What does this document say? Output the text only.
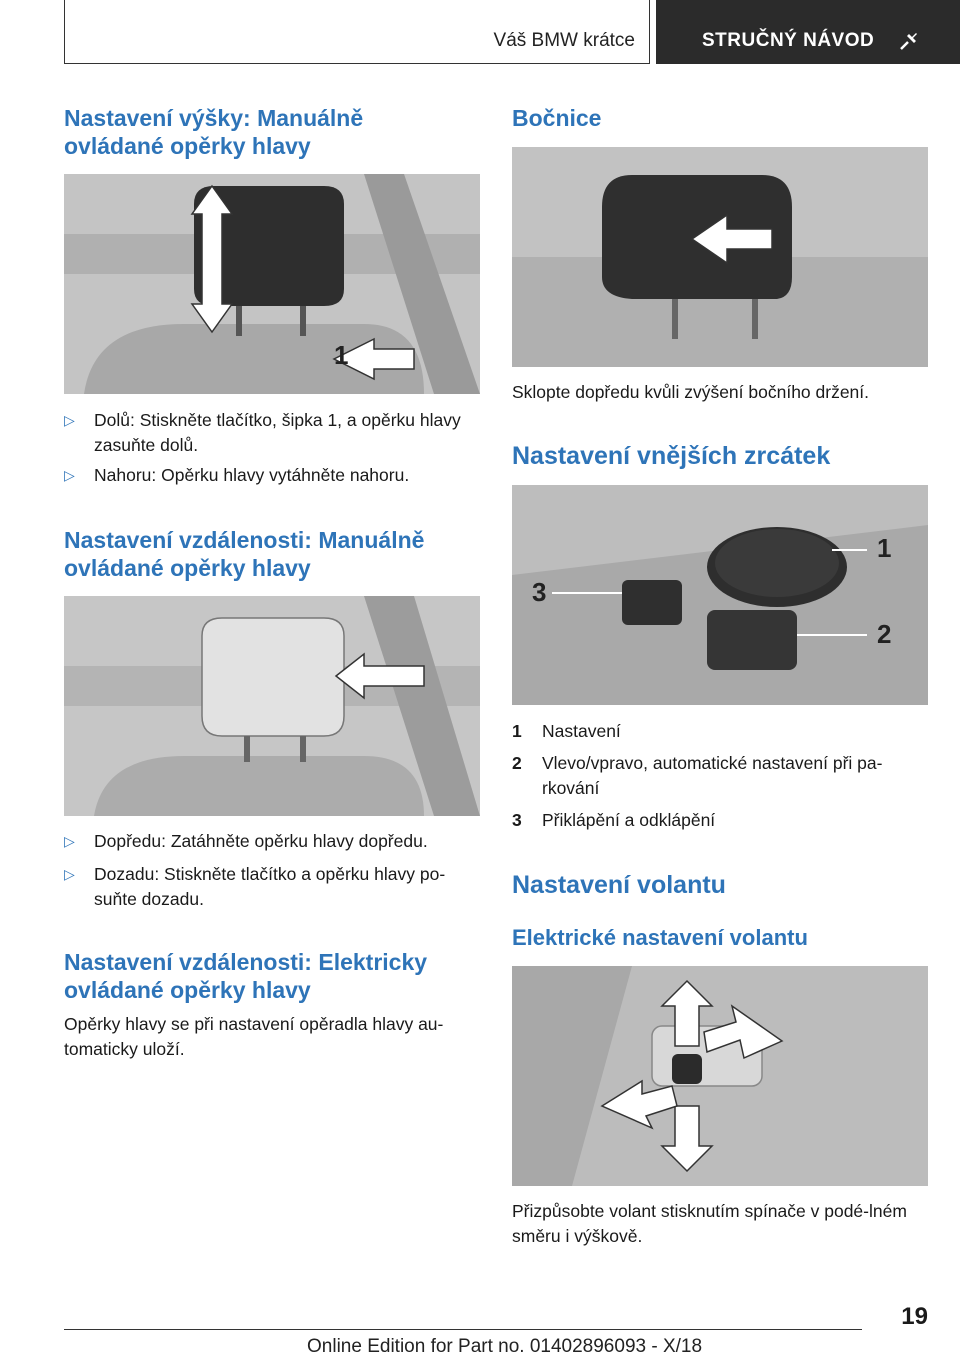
Váš BMW krátce	STRUČNÝ NÁVOD
Nastavení výšky: Manuálně
ovládané opěrky hlavy
1
▷ Dolů: Stiskněte tlačítko, šipka 1, a opěrku hlavy zasuňte dolů.
▷ Nahoru: Opěrku hlavy vytáhněte nahoru.
Nastavení vzdálenosti: Manuálně
ovládané opěrky hlavy
▷ Dopředu: Zatáhněte opěrku hlavy dopředu.
▷ Dozadu: Stiskněte tlačítko a opěrku hlavy po-suňte dozadu.
Nastavení vzdálenosti: Elektricky
ovládané opěrky hlavy
Opěrky hlavy se při nastavení opěradla hlavy au-tomaticky uloží.
Bočnice
Sklopte dopředu kvůli zvýšení bočního držení.
Nastavení vnějších zrcátek
1
2
3
1 Nastavení
2 Vlevo/vpravo, automatické nastavení při pa-rkování
3 Přiklápění a odklápění
Nastavení volantu
Elektrické nastavení volantu
Přizpůsobte volant stisknutím spínače v podé-lném směru i výškově.
19
Online Edition for Part no. 01402896093 - X/18
